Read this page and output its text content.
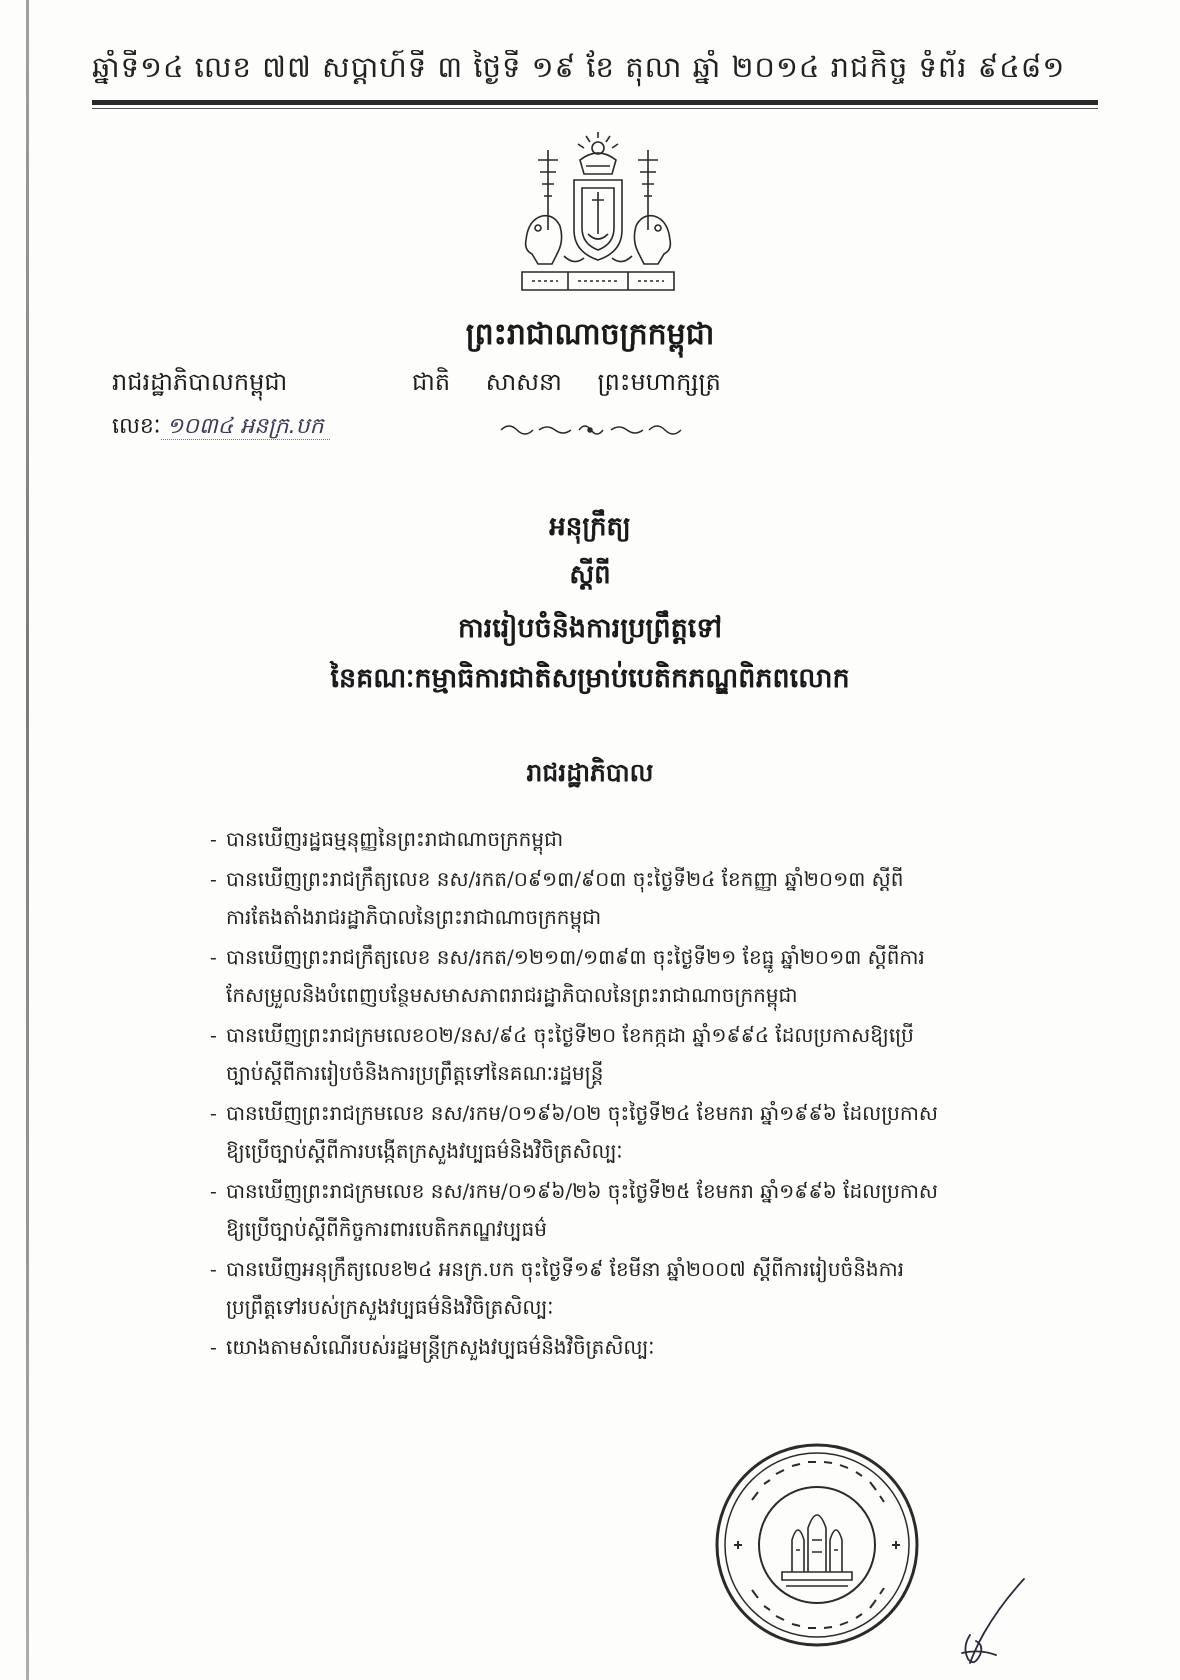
ឆ្នាំទី១៤ លេខ ៧៧ សប្តាហ៍ទី ៣ ថ្ងៃទី ១៩ ខែ តុលា ឆ្នាំ ២០១៤ រាជកិច្ច ទំព័រ ៩៤៨១
ព្រះរាជាណាចក្រកម្ពុជា
រាជរដ្ឋាភិបាលកម្ពុជា	ជាតិ សាសនា ព្រះមហាក្សត្រ
លេខៈ ១០៣៤ អនក្រ.បក
អនុក្រឹត្យ
ស្តីពី
ការរៀបចំនិងការប្រព្រឹត្តទៅ
នៃគណៈកម្មាធិការជាតិសម្រាប់បេតិកភណ្ឌពិភពលោក
រាជរដ្ឋាភិបាល
- បានឃើញរដ្ឋធម្មនុញ្ញនៃព្រះរាជាណាចក្រកម្ពុជា
- បានឃើញព្រះរាជក្រឹត្យលេខ នស/រកត/០៩១៣/៩០៣ ចុះថ្ងៃទី២៤ ខែកញ្ញា ឆ្នាំ២០១៣ ស្តីពី
ការតែងតាំងរាជរដ្ឋាភិបាលនៃព្រះរាជាណាចក្រកម្ពុជា
- បានឃើញព្រះរាជក្រឹត្យលេខ នស/រកត/១២១៣/១៣៩៣ ចុះថ្ងៃទី២១ ខែធ្នូ ឆ្នាំ២០១៣ ស្តីពីការ
កែសម្រួលនិងបំពេញបន្ថែមសមាសភាពរាជរដ្ឋាភិបាលនៃព្រះរាជាណាចក្រកម្ពុជា
- បានឃើញព្រះរាជក្រមលេខ០២/នស/៩៤ ចុះថ្ងៃទី២០ ខែកក្កដា ឆ្នាំ១៩៩៤ ដែលប្រកាសឱ្យប្រើ
ច្បាប់ស្តីពីការរៀបចំនិងការប្រព្រឹត្តទៅនៃគណៈរដ្ឋមន្ត្រី
- បានឃើញព្រះរាជក្រមលេខ នស/រកម/០១៩៦/០២ ចុះថ្ងៃទី២៤ ខែមករា ឆ្នាំ១៩៩៦ ដែលប្រកាស
ឱ្យប្រើច្បាប់ស្តីពីការបង្កើតក្រសួងវប្បធម៌និងវិចិត្រសិល្បៈ
- បានឃើញព្រះរាជក្រមលេខ នស/រកម/០១៩៦/២៦ ចុះថ្ងៃទី២៥ ខែមករា ឆ្នាំ១៩៩៦ ដែលប្រកាស
ឱ្យប្រើច្បាប់ស្តីពីកិច្ចការពារបេតិកភណ្ឌវប្បធម៌
- បានឃើញអនុក្រឹត្យលេខ២៤ អនក្រ.បក ចុះថ្ងៃទី១៩ ខែមីនា ឆ្នាំ២០០៧ ស្តីពីការរៀបចំនិងការ
ប្រព្រឹត្តទៅរបស់ក្រសួងវប្បធម៌និងវិចិត្រសិល្បៈ
- យោងតាមសំណើរបស់រដ្ឋមន្ត្រីក្រសួងវប្បធម៌និងវិចិត្រសិល្បៈ
